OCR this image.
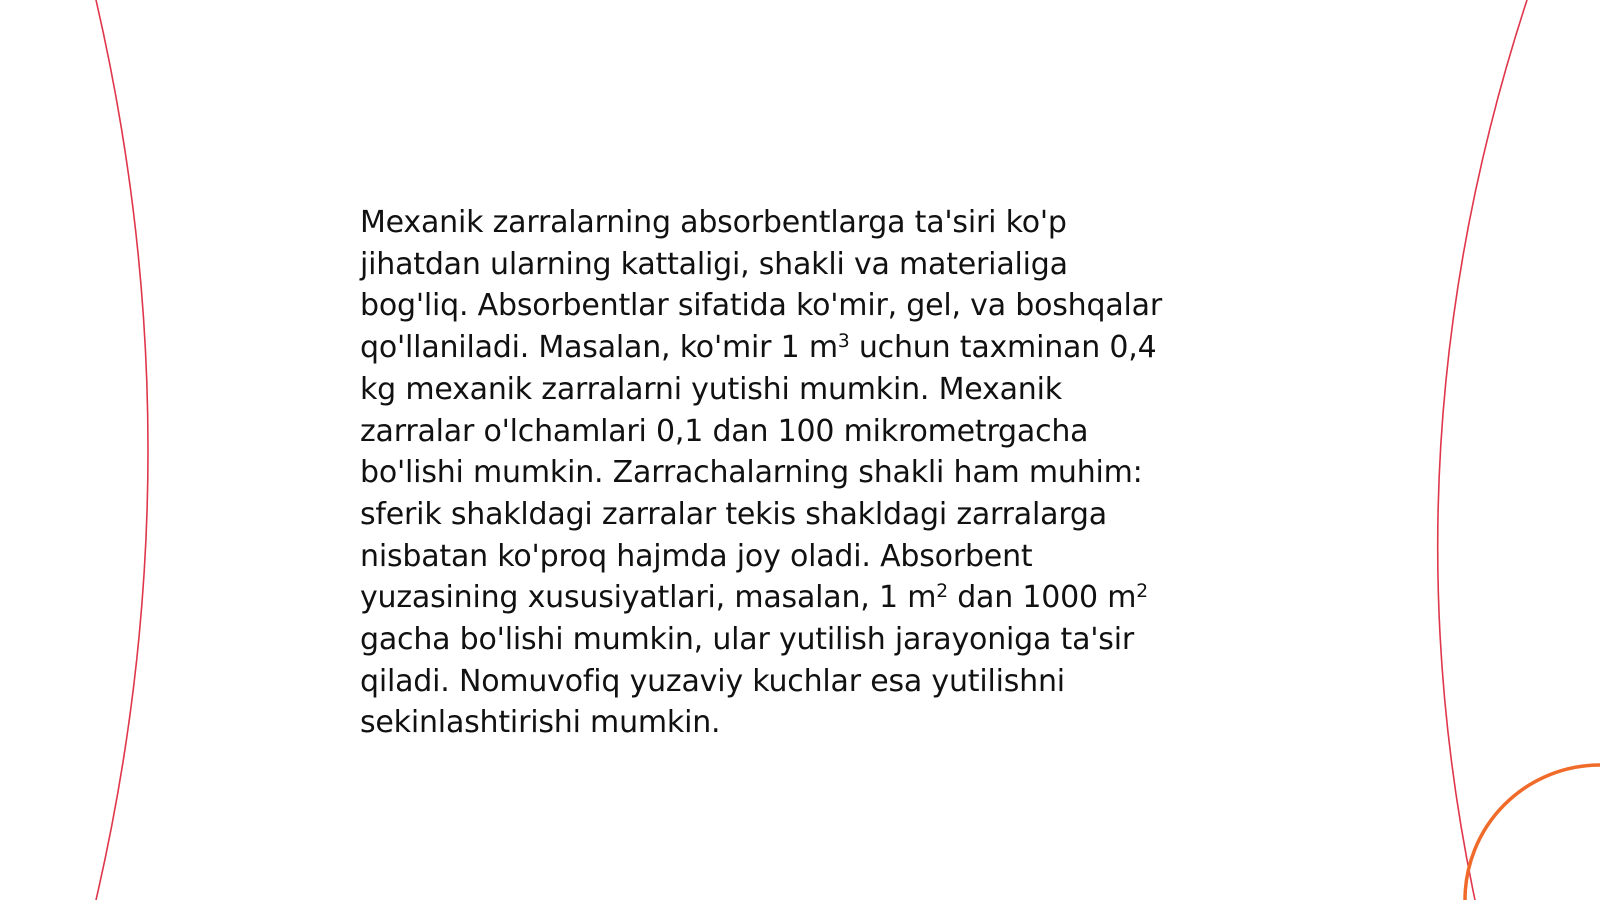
Mexanik zarralarning absorbentlarga ta'siri ko'p
jihatdan ularning kattaligi, shakli va materialiga
bog'liq. Absorbentlar sifatida ko'mir, gel, va boshqalar
qo'llaniladi. Masalan, ko'mir 1 $m^3$ uchun taxminan 0,4
kg mexanik zarralarni yutishi mumkin. Mexanik
zarralar o'lchamlari 0,1 dan 100 mikrometrgacha
bo'lishi mumkin. Zarrachalarning shakli ham muhim:
sferik shakldagi zarralar tekis shakldagi zarralarga
nisbatan ko'proq hajmda joy oladi. Absorbent
yuzasining xususiyatlari, masalan, 1 $m^2$ dan 1000 $m^2$
gacha bo'lishi mumkin, ular yutilish jarayoniga ta'sir
qiladi. Nomuvofiq yuzaviy kuchlar esa yutilishni
sekinlashtirishi mumkin.
